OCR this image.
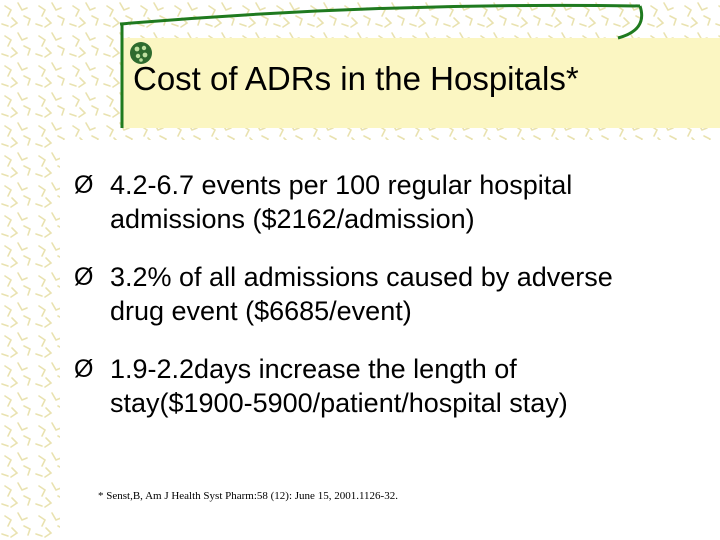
Cost of ADRs in the Hospitals*
Ø 4.2-6.7 events per 100 regular hospital
admissions ($2162/admission)
Ø 3.2% of all admissions caused by adverse
drug event ($6685/event)
Ø 1.9-2.2days increase the length of
stay($1900-5900/patient/hospital stay)
* Senst,B, Am J Health Syst Pharm:58 (12): June 15, 2001.1126-32.
